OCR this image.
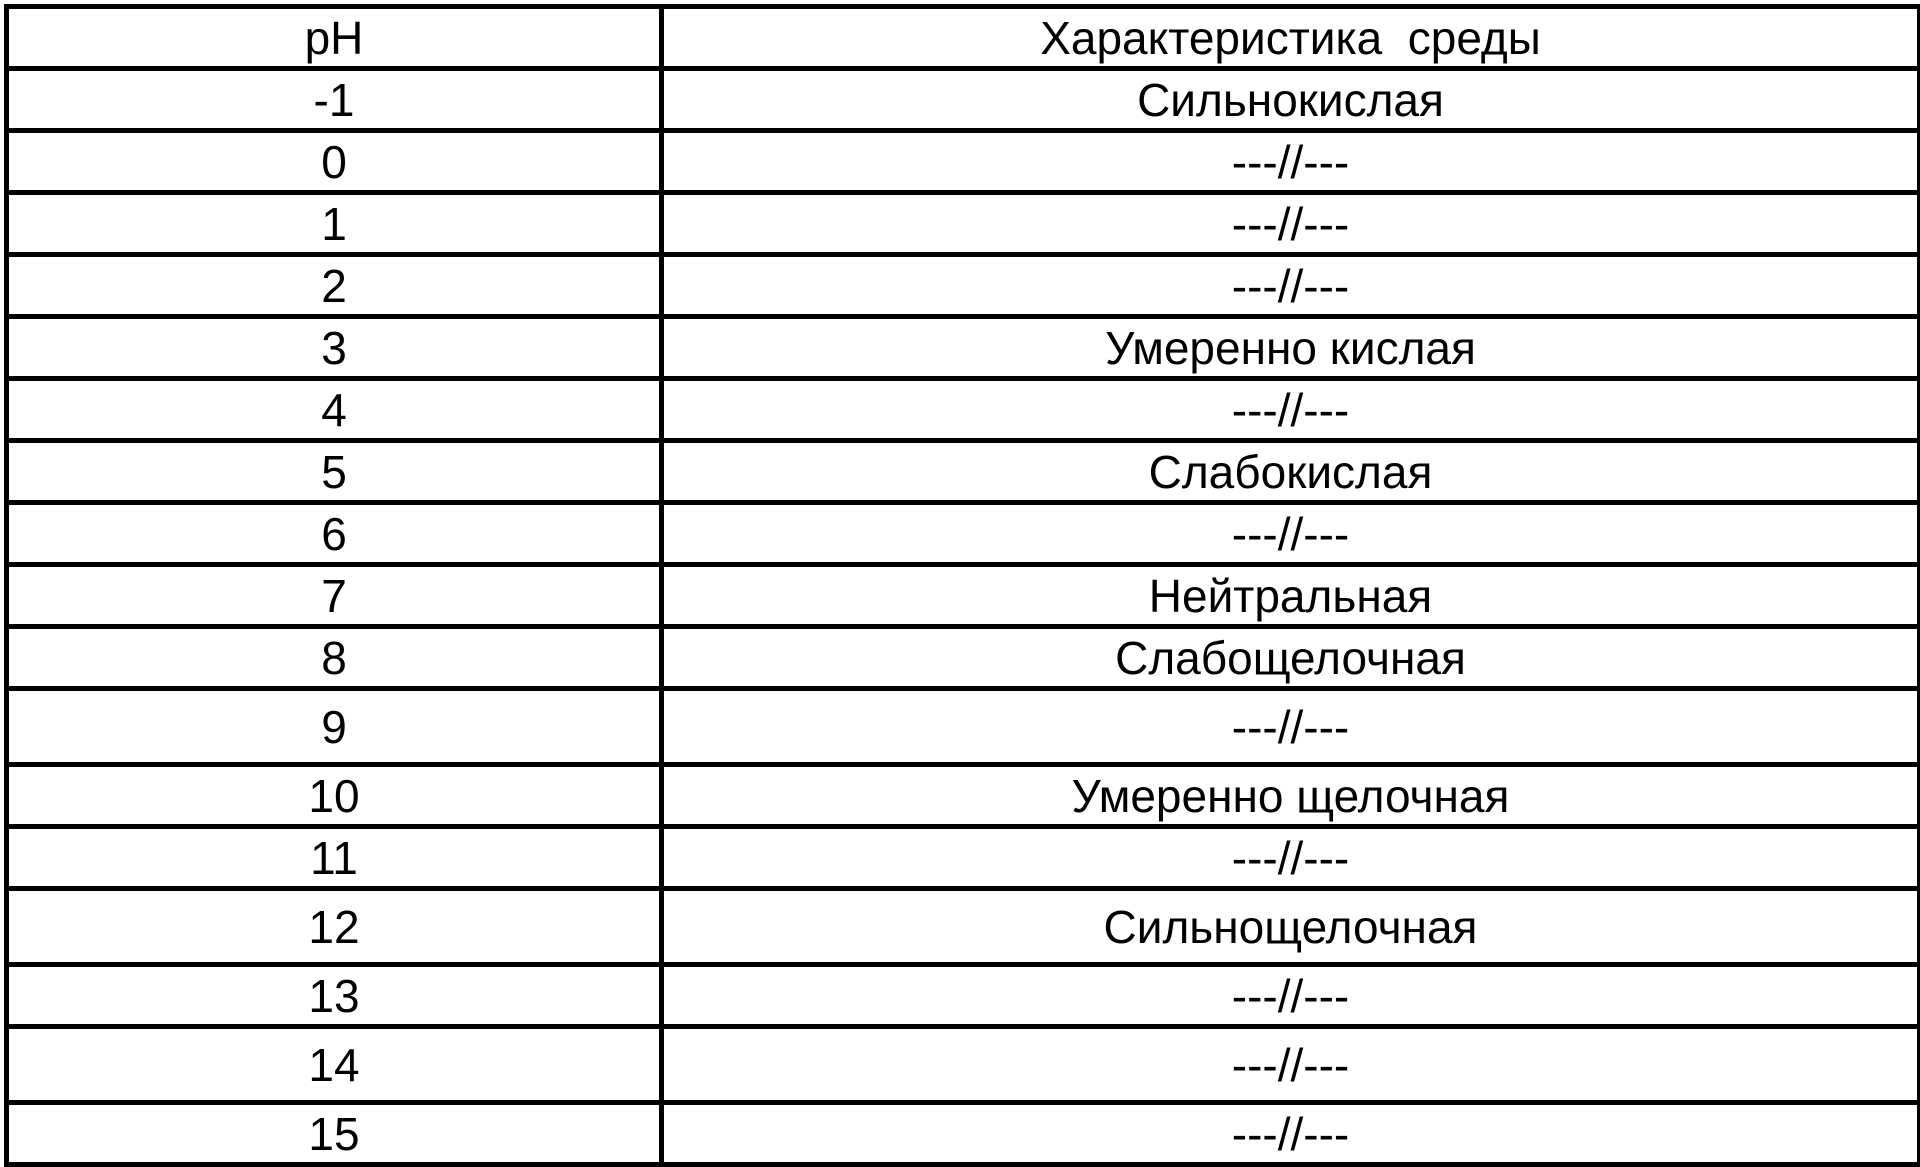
pH	Характеристика  среды
-1	Сильнокислая
0	---//---
1	---//---
2	---//---
3	Умеренно кислая
4	---//---
5	Слабокислая
6	---//---
7	Нейтральная
8	Слабощелочная
9	---//---
10	Умеренно щелочная
11	---//---
12	Сильнощелочная
13	---//---
14	---//---
15	---//---
